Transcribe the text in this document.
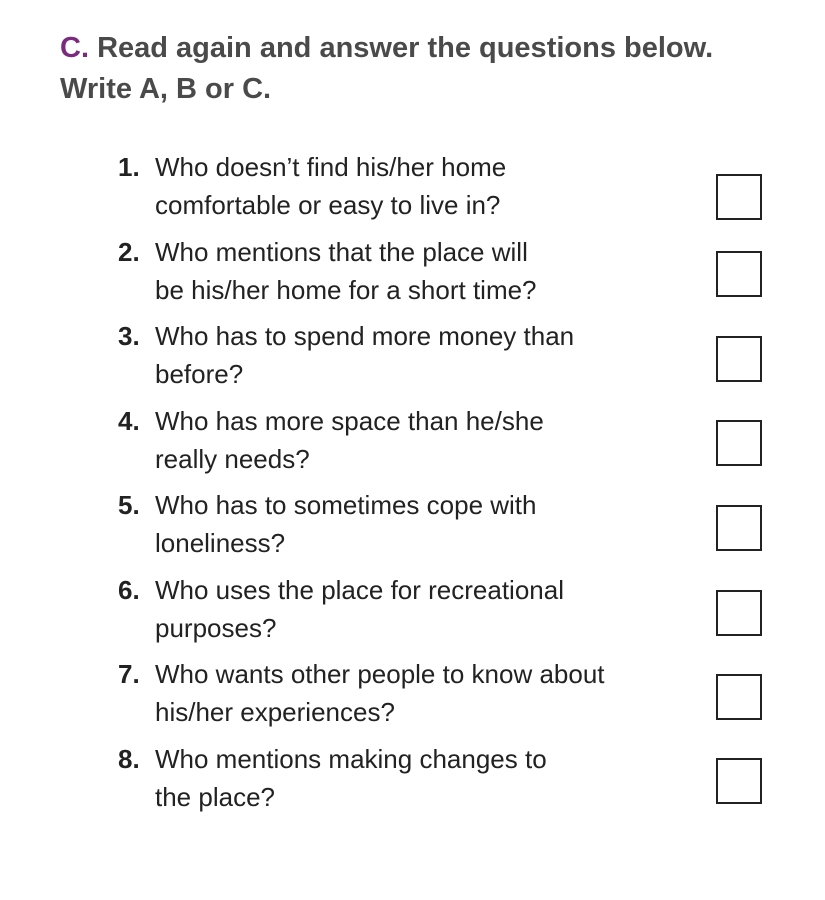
C. Read again and answer the questions below.
Write A, B or C.
1. Who doesn’t find his/her home
comfortable or easy to live in?
2. Who mentions that the place will
be his/her home for a short time?
3. Who has to spend more money than
before?
4. Who has more space than he/she
really needs?
5. Who has to sometimes cope with
loneliness?
6. Who uses the place for recreational
purposes?
7. Who wants other people to know about
his/her experiences?
8. Who mentions making changes to
the place?
